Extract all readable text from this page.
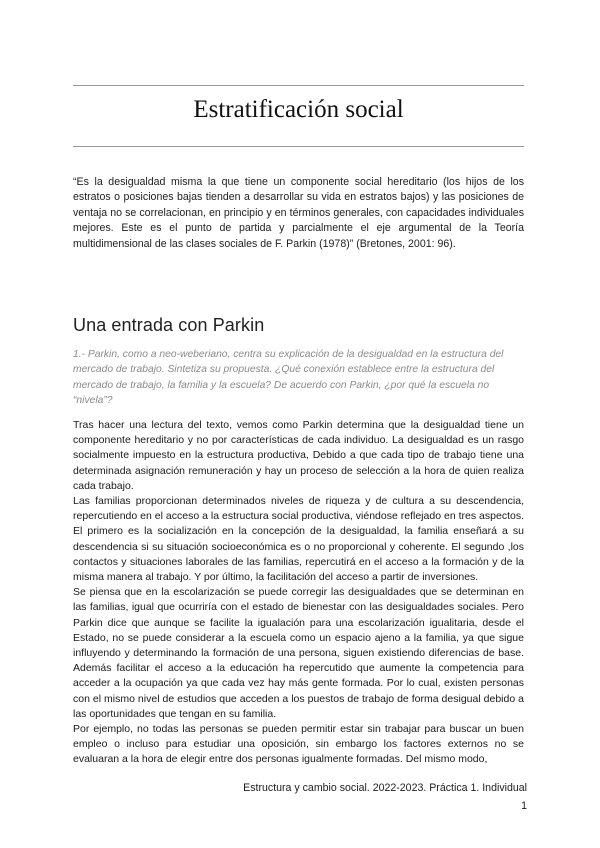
Estratificación social
“Es la desigualdad misma la que tiene un componente social hereditario (los hijos de los estratos o posiciones bajas tienden a desarrollar su vida en estratos bajos) y las posiciones de ventaja no se correlacionan, en principio y en términos generales, con capacidades individuales mejores. Este es el punto de partida y parcialmente el eje argumental de la Teoría multidimensional de las clases sociales de F. Parkin (1978)” (Bretones, 2001: 96).
Una entrada con Parkin
1.- Parkin, como a neo-weberiano, centra su explicación de la desigualdad en la estructura del mercado de trabajo. Sintetiza su propuesta. ¿Qué conexión establece entre la estructura del mercado de trabajo, la familia y la escuela? De acuerdo con Parkin, ¿por qué la escuela no “nivela”?

Tras hacer una lectura del texto, vemos como Parkin determina que la desigualdad tiene un componente hereditario y no por características de cada individuo. La desigualdad es un rasgo socialmente impuesto en la estructura productiva, Debido a que cada tipo de trabajo tiene una determinada asignación remuneración y hay un proceso de selección a la hora de quien realiza cada trabajo.

Las familias proporcionan determinados niveles de riqueza y de cultura a su descendencia, repercutiendo en el acceso a la estructura social productiva, viéndose reflejado en tres aspectos. El primero es la socialización en la concepción de la desigualdad, la familia enseñará a su descendencia si su situación socioeconómica es o no proporcional y coherente. El segundo ,los contactos y situaciones laborales de las familias, repercutirá en el acceso a la formación y de la misma manera al trabajo. Y por último, la facilitación del acceso a partir de inversiones.

Se piensa que en la escolarización se puede corregir las desigualdades que se determinan en las familias, igual que ocurriría con el estado de bienestar con las desigualdades sociales. Pero Parkin dice que aunque se facilite la igualación para una escolarización igualitaria, desde el Estado, no se puede considerar a la escuela como un espacio ajeno a la familia, ya que sigue influyendo y determinando la formación de una persona, siguen existiendo diferencias de base. Además facilitar el acceso a la educación ha repercutido que aumente la competencia para acceder a la ocupación ya que cada vez hay más gente formada. Por lo cual, existen personas con el mismo nivel de estudios que acceden a los puestos de trabajo de forma desigual debido a las oportunidades que tengan en su familia.

Por ejemplo, no todas las personas se pueden permitir estar sin trabajar para buscar un buen empleo o incluso para estudiar una oposición, sin embargo los factores externos no se evaluaran a la hora de elegir entre dos personas igualmente formadas. Del mismo modo,

Estructura y cambio social. 2022-2023. Práctica 1. Individual
1
